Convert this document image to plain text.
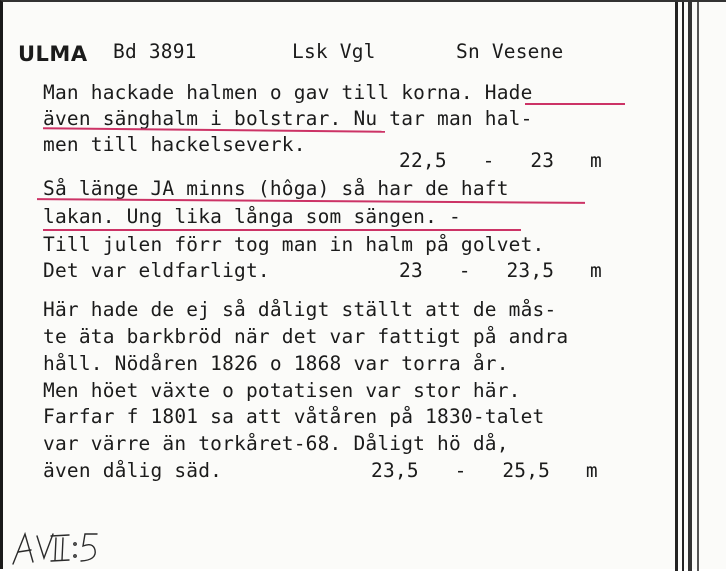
ULMA Bd 3891	Lsk Vgl	Sn Vesene
Man hackade halmen o gav till korna. Hade
även sänghalm i bolstrar. Nu tar man hal-
men till hackelseverk.
22,5   -   23   m
Så länge JA minns (hôga) så har de haft
lakan. Ung lika långa som sängen. -
Till julen förr tog man in halm på golvet.
Det var eldfarligt.	23   -   23,5   m
Här hade de ej så dåligt ställt att de mås-
te äta barkbröd när det var fattigt på andra
håll. Nödåren 1826 o 1868 var torra år.
Men höet växte o potatisen var stor här.
Farfar f 1801 sa att våtåren på 1830-talet
var värre än torkåret-68. Dåligt hö då,
även dålig säd.	23,5   -   25,5   m
